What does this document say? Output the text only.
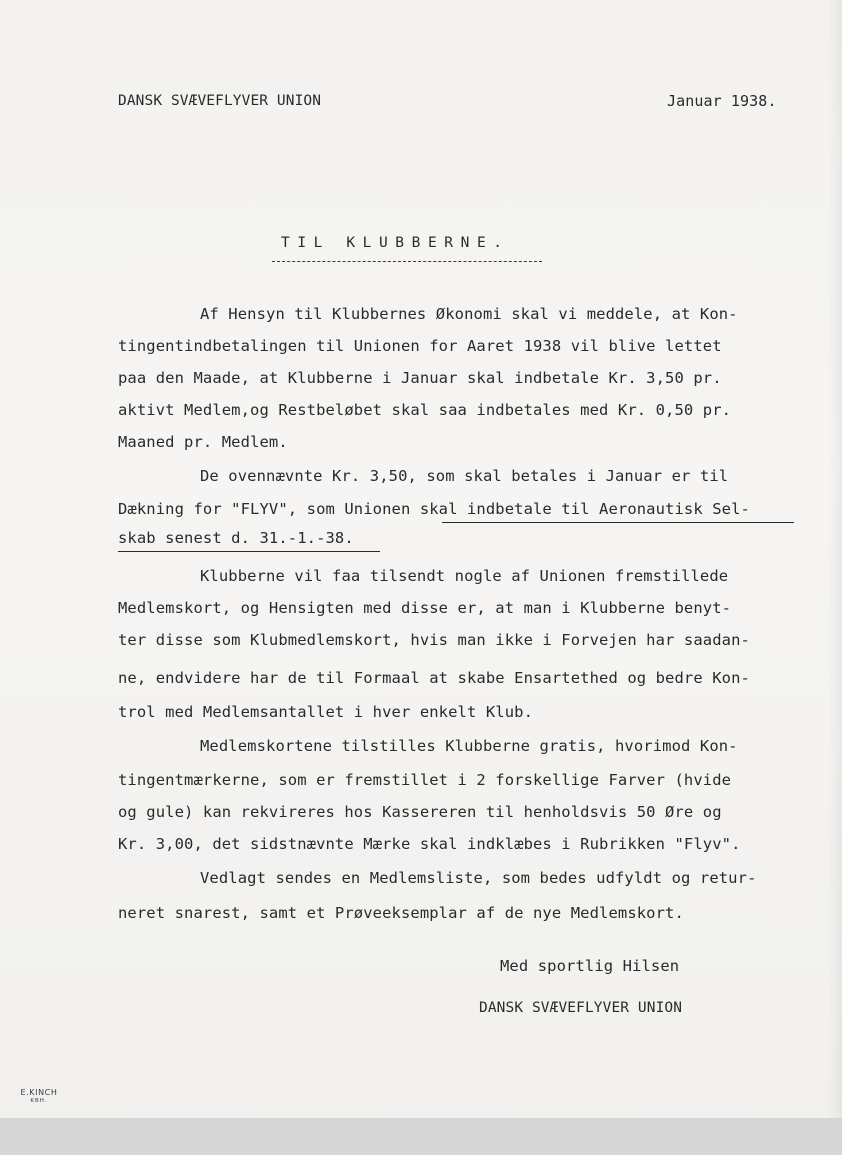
DANSK SVÆVEFLYVER UNION	Januar 1938.
TIL KLUBBERNE.
Af Hensyn til Klubbernes Økonomi skal vi meddele, at Kon-
tingentindbetalingen til Unionen for Aaret 1938 vil blive lettet
paa den Maade, at Klubberne i Januar skal indbetale Kr. 3,50 pr.
aktivt Medlem,og Restbeløbet skal saa indbetales med Kr. 0,50 pr.
Maaned pr. Medlem.
De ovennævnte Kr. 3,50, som skal betales i Januar er til
Dækning for "FLYV", som Unionen skal indbetale til Aeronautisk Sel-
skab senest d. 31.-1.-38.
Klubberne vil faa tilsendt nogle af Unionen fremstillede
Medlemskort, og Hensigten med disse er, at man i Klubberne benyt-
ter disse som Klubmedlemskort, hvis man ikke i Forvejen har saadan-
ne, endvidere har de til Formaal at skabe Ensartethed og bedre Kon-
trol med Medlemsantallet i hver enkelt Klub.
Medlemskortene tilstilles Klubberne gratis, hvorimod Kon-
tingentmærkerne, som er fremstillet i 2 forskellige Farver (hvide
og gule) kan rekvireres hos Kassereren til henholdsvis 50 Øre og
Kr. 3,00, det sidstnævnte Mærke skal indklæbes i Rubrikken "Flyv".
Vedlagt sendes en Medlemsliste, som bedes udfyldt og retur-
neret snarest, samt et Prøveeksemplar af de nye Medlemskort.
Med sportlig Hilsen
DANSK SVÆVEFLYVER UNION
E.KINCH
KBH.
